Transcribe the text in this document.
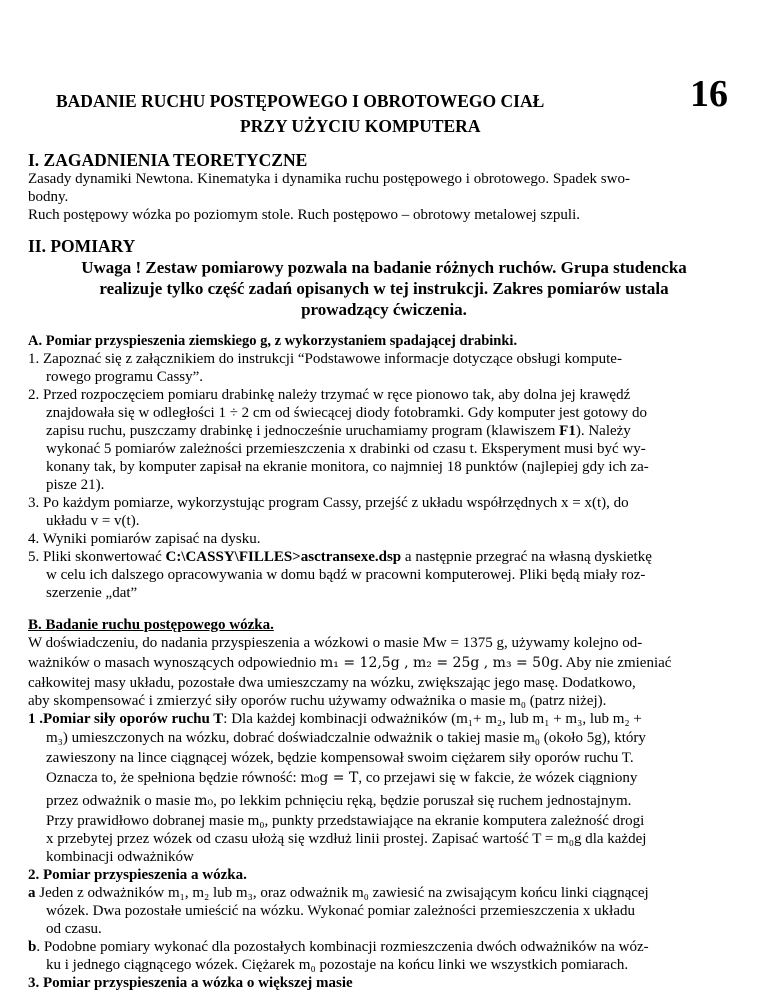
BADANIE RUCHU POSTĘPOWEGO I OBROTOWEGO CIAŁ	16
PRZY UŻYCIU KOMPUTERA
I. ZAGADNIENIA TEORETYCZNE
Zasady dynamiki Newtona. Kinematyka i dynamika ruchu postępowego i obrotowego. Spadek swo-
bodny.
Ruch postępowy wózka po poziomym stole. Ruch postępowo – obrotowy metalowej szpuli.
II. POMIARY
Uwaga ! Zestaw pomiarowy pozwala na badanie różnych ruchów. Grupa studencka
realizuje tylko część zadań opisanych w tej instrukcji. Zakres pomiarów ustala
prowadzący ćwiczenia.
A. Pomiar przyspieszenia ziemskiego g, z wykorzystaniem spadającej drabinki.
1. Zapoznać się z załącznikiem do instrukcji “Podstawowe informacje dotyczące obsługi kompute-
rowego programu Cassy”.
2. Przed rozpoczęciem pomiaru drabinkę należy trzymać w ręce pionowo tak, aby dolna jej krawędź
znajdowała się w odległości 1 ÷ 2 cm od świecącej diody fotobramki. Gdy komputer jest gotowy do
zapisu ruchu, puszczamy drabinkę i jednocześnie uruchamiamy program (klawiszem F1). Należy
wykonać 5 pomiarów zależności przemieszczenia x drabinki od czasu t. Eksperyment musi być wy-
konany tak, by komputer zapisał na ekranie monitora, co najmniej 18 punktów (najlepiej gdy ich za-
pisze 21).
3. Po każdym pomiarze, wykorzystując program Cassy, przejść z układu współrzędnych x = x(t), do
układu v = v(t).
4. Wyniki pomiarów zapisać na dysku.
5. Pliki skonwertować C:\CASSY\FILLES>asctransexe.dsp a następnie przegrać na własną dyskietkę
w celu ich dalszego opracowywania w domu bądź w pracowni komputerowej. Pliki będą miały roz-
szerzenie „dat”
B. Badanie ruchu postępowego wózka.
W doświadczeniu, do nadania przyspieszenia a wózkowi o masie Mw = 1375 g, używamy kolejno od-
ważników o masach wynoszących odpowiednio m₁ = 12,5g , m₂ = 25g , m₃ = 50g. Aby nie zmieniać
całkowitej masy układu, pozostałe dwa umieszczamy na wózku, zwiększając jego masę. Dodatkowo,
aby skompensować i zmierzyć siły oporów ruchu używamy odważnika o masie m₀ (patrz niżej).
1 .Pomiar siły oporów ruchu T: Dla każdej kombinacji odważników (m₁+ m₂, lub m₁ + m₃, lub m₂ +
m₃) umieszczonych na wózku, dobrać doświadczalnie odważnik o takiej masie m₀ (około 5g), który
zawieszony na lince ciągnącej wózek, będzie kompensował swoim ciężarem siły oporów ruchu T.
Oznacza to, że spełniona będzie równość: m₀g = T, co przejawi się w fakcie, że wózek ciągniony
przez odważnik o masie m₀, po lekkim pchnięciu ręką, będzie poruszał się ruchem jednostajnym.
Przy prawidłowo dobranej masie m₀, punkty przedstawiające na ekranie komputera zależność drogi
x przebytej przez wózek od czasu ułożą się wzdłuż linii prostej. Zapisać wartość T = m₀g dla każdej
kombinacji odważników
2. Pomiar przyspieszenia a wózka.
a Jeden z odważników m₁, m₂ lub m₃, oraz odważnik m₀ zawiesić na zwisającym końcu linki ciągnącej
wózek. Dwa pozostałe umieścić na wózku. Wykonać pomiar zależności przemieszczenia x układu
od czasu.
b. Podobne pomiary wykonać dla pozostałych kombinacji rozmieszczenia dwóch odważników na wóz-
ku i jednego ciągnącego wózek. Ciężarek m₀ pozostaje na końcu linki we wszystkich pomiarach.
3. Pomiar przyspieszenia a wózka o większej masie
